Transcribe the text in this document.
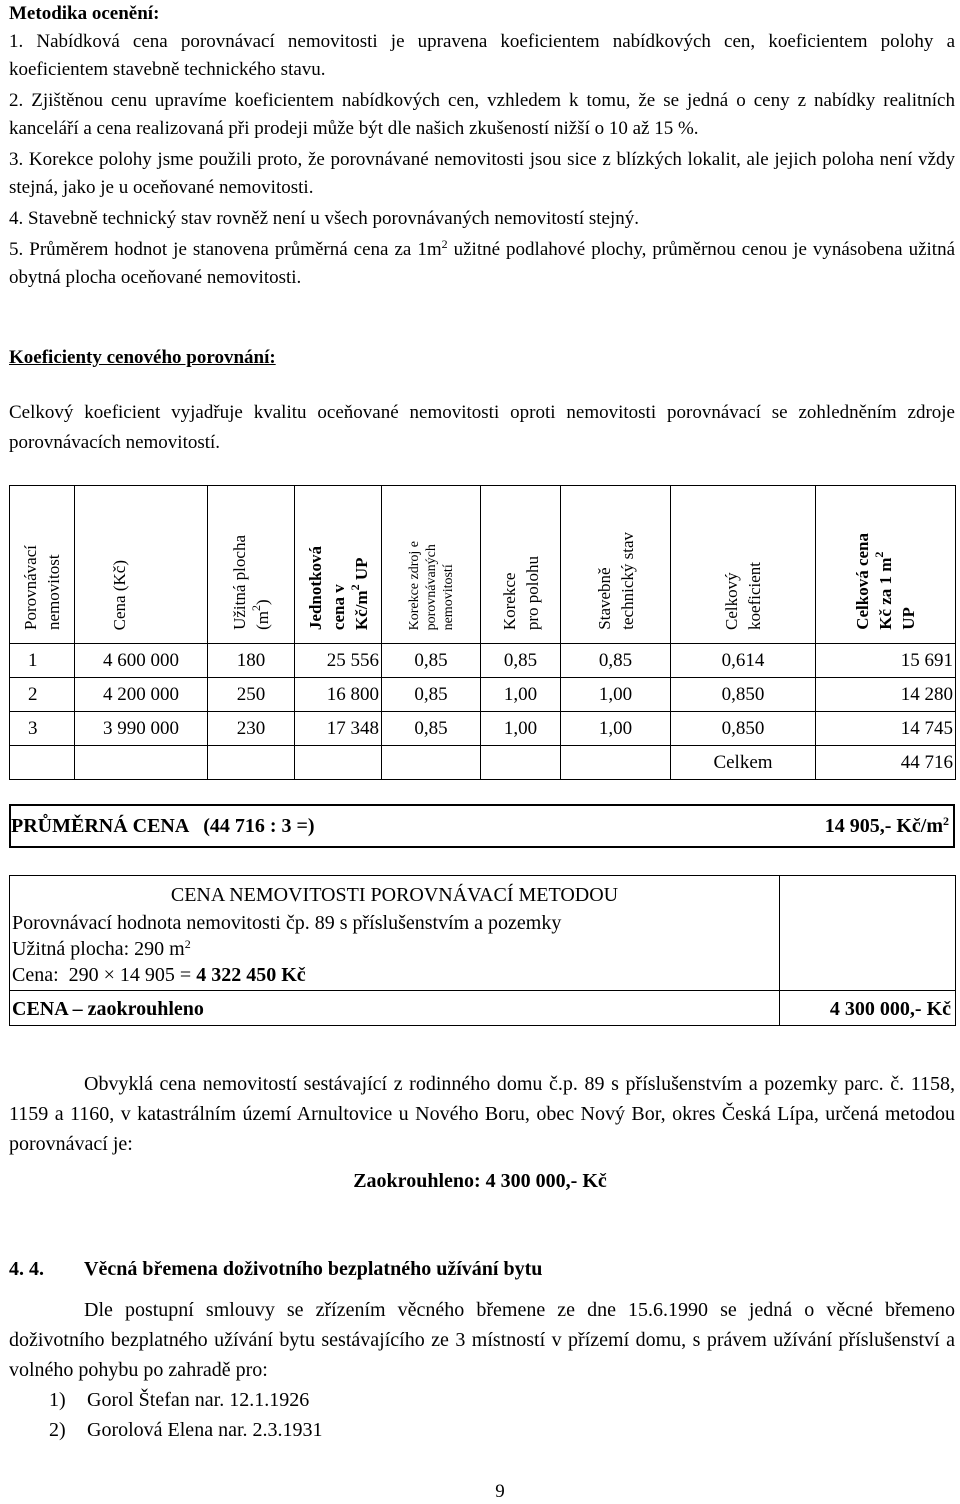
Metodika ocenění:

1. Nabídková cena porovnávací nemovitosti je upravena koeficientem nabídkových cen, koeficientem polohy a koeficientem stavebně technického stavu.

2. Zjištěnou cenu upravíme koeficientem nabídkových cen, vzhledem k tomu, že se jedná o ceny z nabídky realitních kanceláří a cena realizovaná při prodeji může být dle našich zkušeností nižší o 10 až 15 %.

3. Korekce polohy jsme použili proto, že porovnávané nemovitosti jsou sice z blízkých lokalit, ale jejich poloha není vždy stejná, jako je u oceňované nemovitosti.

4. Stavebně technický stav rovněž není u všech porovnávaných nemovitostí stejný.

5. Průměrem hodnot je stanovena průměrná cena za $1m^2$ užitné podlahové plochy, průměrnou cenou je vynásobena užitná obytná plocha oceňované nemovitosti.

Koeficienty cenového porovnání:

Celkový koeficient vyjadřuje kvalitu oceňované nemovitosti oproti nemovitosti porovnávací se zohledněním zdroje porovnávacích nemovitostí.

Porovnávací nemovitost	Cena (Kč)	Užitná plocha $(m^2)$	Jednotková cena v $Kč/m^2$ UP	Korekce zdroj e porovnávaných nemovitostí	Korekce pro polohu	Stavebně technický stav	Celkový koeficient	Celková cena Kč za 1 $m^2$
UP
1	4 600 000	180	25 556	0,85	0,85	0,85	0,614	15 691
2	4 200 000	250	16 800	0,85	1,00	1,00	0,850	14 280
3	3 990 000	230	17 348	0,85	1,00	1,00	0,850	14 745
							Celkem	44 716
PRŮMĚRNÁ CENA   (44 716 : 3 =)	14 905,- $Kč/m^2$
CENA NEMOVITOSTI POROVNÁVACÍ METODOU
Porovnávací hodnota nemovitosti čp. 89 s příslušenstvím a pozemky
Užitná plocha: 290 $m^2$
Cena:  290 × 14 905 = 4 322 450 Kč	

CENA – zaokrouhleno	4 300 000,- Kč

Obvyklá cena nemovitostí sestávající z rodinného domu č.p. 89 s příslušenstvím a pozemky parc. č. 1158, 1159 a 1160, v katastrálním území Arnultovice u Nového Boru, obec Nový Bor, okres Česká Lípa, určená metodou porovnávací je:

Zaokrouhleno: 4 300 000,- Kč

4. 4. Věcná břemena doživotního bezplatného užívání bytu

Dle postupní smlouvy se zřízením věcného břemene ze dne 15.6.1990 se jedná o věcné břemeno doživotního bezplatného užívání bytu sestávajícího ze 3 místností v přízemí domu, s právem užívání příslušenství a volného pohybu po zahradě pro:

1) Gorol Štefan nar. 12.1.1926

2) Gorolová Elena nar. 2.3.1931

9
